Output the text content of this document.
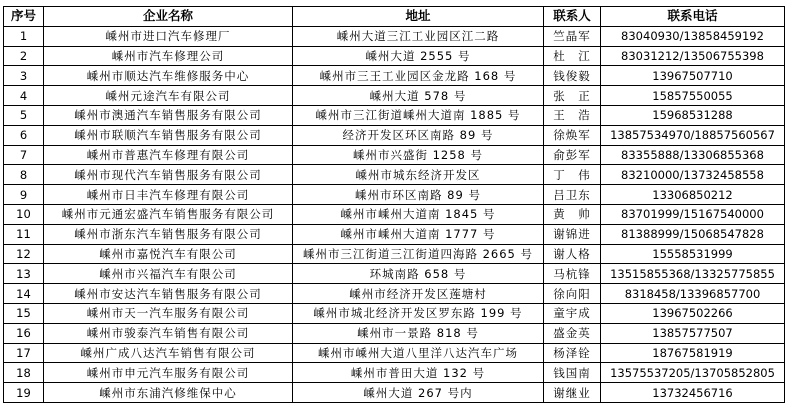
序号	企业名称	地址	联系人	联系电话
1	嵊州市进口汽车修理厂	嵊州大道三江工业园区江二路	竺晶军	83040930/13858459192
2	嵊州市汽车修理公司	嵊州大道 2555 号	杜　江	83031212/13506755398
3	嵊州市顺达汽车维修服务中心	嵊州市三王工业园区金龙路 168 号	钱俊毅	13967507710
4	嵊州元途汽车有限公司	嵊州大道 578 号	张　正	15857550055
5	嵊州市澳通汽车销售服务有限公司	嵊州市三江街道嵊州大道南 1885 号	王　浩	15968531288
6	嵊州市联顺汽车销售服务有限公司	经济开发区环区南路 89 号	徐焕军	13857534970/18857560567
7	嵊州市普惠汽车修理有限公司	嵊州市兴盛街 1258 号	俞彭军	83355888/13306855368
8	嵊州市现代汽车销售服务有限公司	嵊州市城东经济开发区	丁　伟	83210000/13732458558
9	嵊州市日丰汽车修理有限公司	嵊州市环区南路 89 号	吕卫东	13306850212
10	嵊州市元通宏盛汽车销售服务有限公司	嵊州市嵊州大道南 1845 号	黄　帅	83701999/15167540000
11	嵊州市浙东汽车销售服务有限公司	嵊州市嵊州大道南 1777 号	谢锦进	81388999/15068547828
12	嵊州市嘉悦汽车有限公司	嵊州市三江街道三江街道四海路 2665 号	谢人格	15558531999
13	嵊州市兴福汽车有限公司	环城南路 658 号	马杭锋	13515855368/13325775855
14	嵊州市安达汽车销售服务有限公司	嵊州市经济开发区莲塘村	徐向阳	8318458/13396857700
15	嵊州市天一汽车服务有限公司	嵊州市城北经济开发区罗东路 199 号	童宇成	13967502266
16	嵊州市骏泰汽车销售有限公司	嵊州市一景路 818 号	盛金英	13857577507
17	嵊州广成八达汽车销售有限公司	嵊州市嵊州大道八里洋八达汽车广场	杨泽铨	18767581919
18	嵊州市申元汽车服务有限公司	嵊州市普田大道 132 号	钱国南	13575537205/13705852805
19	嵊州市东浦汽修维保中心	嵊州大道 267 号内	谢继业	13732456716
